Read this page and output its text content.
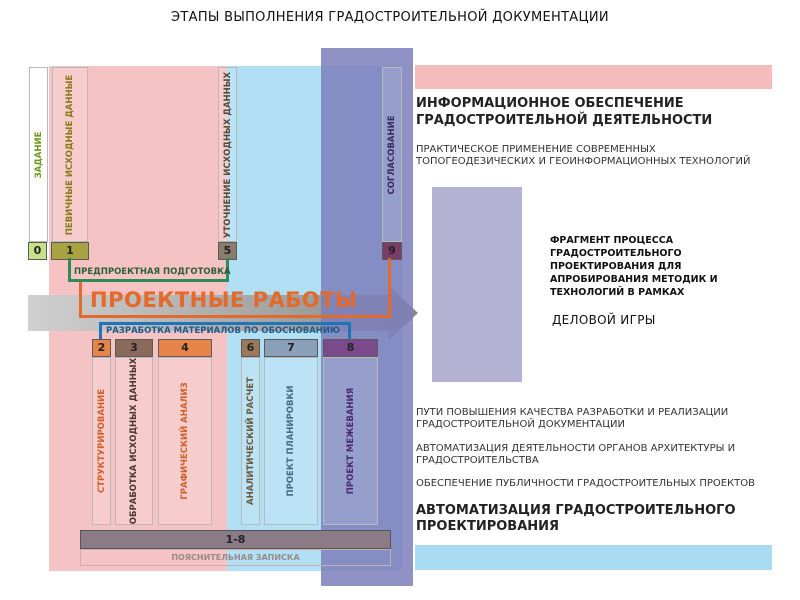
ЭТАПЫ ВЫПОЛНЕНИЯ ГРАДОСТРОИТЕЛЬНОЙ ДОКУМЕНТАЦИИ
ЗАДАНИЕ	ПЕВИЧНЫЕ ИСХОДНЫЕ ДАННЫЕ	УТОЧНЕНИЕ ИСХОДНЫХ ДАННЫХ	СОГЛАСОВАНИЕ
0	1	5	9
ПРЕДПРОЕКТНАЯ ПОДГОТОВКА
ПРОЕКТНЫЕ РАБОТЫ
РАЗРАБОТКА МАТЕРИАЛОВ ПО ОБОСНОВАНИЮ
2	3	4	6	7	8
СТРУКТУРИРОВАНИЕ	ОБРАБОТКА ИСХОДНЫХ ДАННЫХ	ГРАФИЧЕСКИЙ АНАЛИЗ	АНАЛИТИЧЕСКИЙ РАСЧЕТ	ПРОЕКТ ПЛАНИРОВКИ	ПРОЕКТ МЕЖЕВАНИЯ
1-8
ПОЯСНИТЕЛЬНАЯ ЗАПИСКА
ИНФОРМАЦИОННОЕ ОБЕСПЕЧЕНИЕ
ГРАДОСТРОИТЕЛЬНОЙ ДЕЯТЕЛЬНОСТИ
ПРАКТИЧЕСКОЕ ПРИМЕНЕНИЕ СОВРЕМЕННЫХ
ТОПОГЕОДЕЗИЧЕСКИХ И ГЕОИНФОРМАЦИОННЫХ ТЕХНОЛОГИЙ
ФРАГМЕНТ ПРОЦЕССА
ГРАДОСТРОИТЕЛЬНОГО
ПРОЕКТИРОВАНИЯ ДЛЯ
АПРОБИРОВАНИЯ МЕТОДИК И
ТЕХНОЛОГИЙ В РАМКАХ
ДЕЛОВОЙ ИГРЫ
ПУТИ ПОВЫШЕНИЯ КАЧЕСТВА РАЗРАБОТКИ И РЕАЛИЗАЦИИ
ГРАДОСТРОИТЕЛЬНОЙ ДОКУМЕНТАЦИИ
АВТОМАТИЗАЦИЯ ДЕЯТЕЛЬНОСТИ ОРГАНОВ АРХИТЕКТУРЫ И
ГРАДОСТРОИТЕЛЬСТВА
ОБЕСПЕЧЕНИЕ ПУБЛИЧНОСТИ ГРАДОСТРОИТЕЛЬНЫХ ПРОЕКТОВ
АВТОМАТИЗАЦИЯ ГРАДОСТРОИТЕЛЬНОГО
ПРОЕКТИРОВАНИЯ
